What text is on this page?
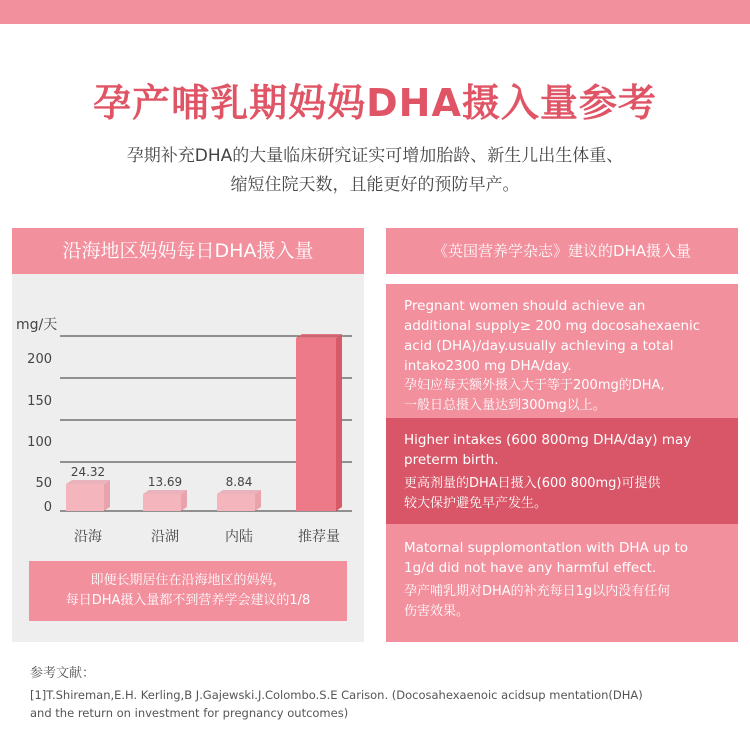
孕产哺乳期妈妈DHA摄入量参考
孕期补充DHA的大量临床研究证实可增加胎龄、新生儿出生体重、
缩短住院天数，且能更好的预防早产。
沿海地区妈妈每日DHA摄入量
0
50
100
150
200
mg/天
沿海	沿湖	内陆	推荐量
24.32
13.69	8.84
即便长期居住在沿海地区的妈妈，
每日DHA摄入量都不到营养学会建议的1/8
《英国营养学杂志》建议的DHA摄入量
Pregnant women should achieve an
additional supply≥ 200 mg docosahexaenic
acid (DHA)/day.usually achleving a total
intako2300 mg DHA/day.
孕妇应每天额外摄入大于等于200mg的DHA,
一般日总摄入量达到300mg以上。
Higher intakes (600 800mg DHA/day) may
preterm birth.
更高剂量的DHA日摄入(600 800mg)可提供
较大保护避免早产发生。
Matornal supplomontatlon with DHA up to
1g/d did not have any harmful effect.
孕产哺乳期对DHA的补充每日1g以内没有任何
伤害效果。
参考文献：
[1]T.Shireman,E.H. Kerling,B J.Gajewski.J.Colombo.S.E Carison. (Docosahexaenoic acidsup mentation(DHA)
and the return on investment for pregnancy outcomes)
